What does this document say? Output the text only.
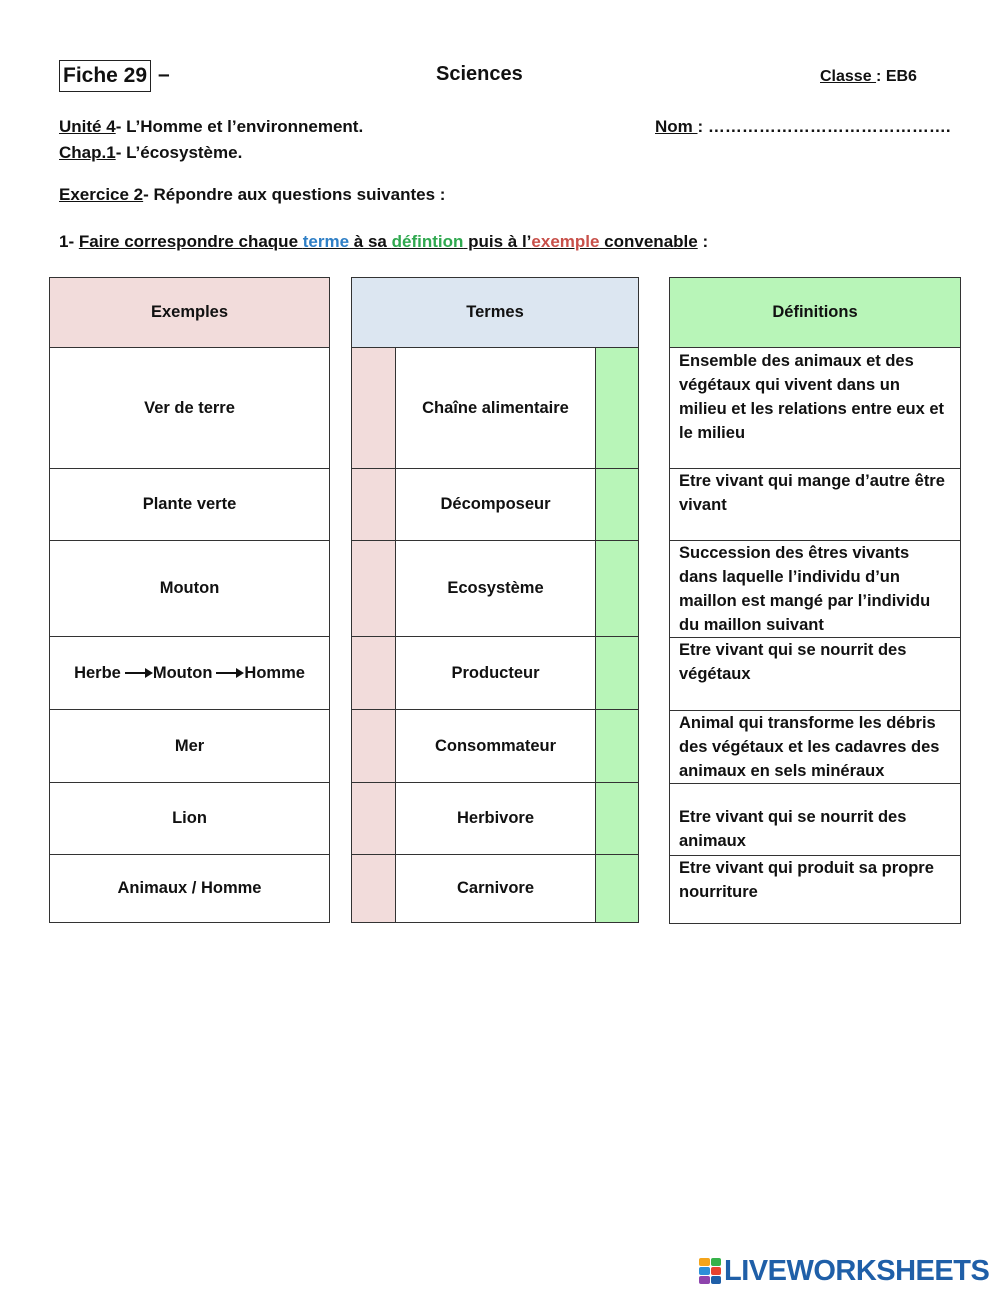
Fiche 29 –	Sciences	Classe : EB6
Unité 4- L’Homme et l’environnement.	Nom : …………………………………….
Chap.1- L’écosystème.
Exercice 2- Répondre aux questions suivantes :
1- Faire correspondre chaque terme à sa défintion puis à l’exemple convenable :
Exemples
Ver de terre
Plante verte
Mouton
Herbe Mouton Homme
Mer
Lion
Animaux / Homme
Termes		
	Chaîne alimentaire	
	Décomposeur	
	Ecosystème	
	Producteur	
	Consommateur	
	Herbivore	
	Carnivore	
Définitions
Ensemble des animaux et des végétaux qui vivent dans un milieu et les relations entre eux et le milieu
Etre vivant qui mange d’autre être vivant
Succession des êtres vivants dans laquelle l’individu d’un maillon est mangé par l’individu du maillon suivant
Etre vivant qui se nourrit des végétaux
Animal qui transforme les débris des végétaux et les cadavres des animaux en sels minéraux
Etre vivant qui se nourrit des animaux
Etre vivant qui produit sa propre nourriture
LIVEWORKSHEETS
